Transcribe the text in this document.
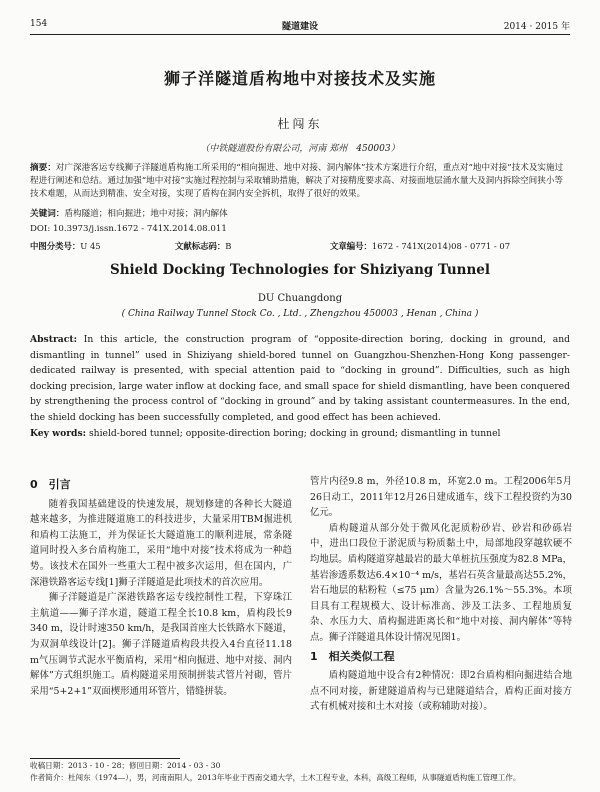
154	隧道建设	2014 · 2015 年
狮子洋隧道盾构地中对接技术及实施
杜闯东
（中铁隧道股份有限公司，河南 郑州　450003）
摘要：对广深港客运专线狮子洋隧道盾构施工所采用的“相向掘进、地中对接、洞内解体”技术方案进行介绍，重点对“地中对接”技术及实施过程进行阐述和总结。通过加强“地中对接”实施过程控制与采取辅助措施，解决了对接精度要求高、对接面地层涌水量大及洞内拆除空间狭小等技术难题，从而达到精准、安全对接，实现了盾构在洞内安全拆机，取得了很好的效果。
关键词：盾构隧道；相向掘进；地中对接；洞内解体
DOI: 10.3973/j.issn.1672 - 741X.2014.08.011
中图分类号：U 45	文献标志码：B	文章编号：1672 - 741X(2014)08 - 0771 - 07
Shield Docking Technologies for Shiziyang Tunnel
DU Chuangdong
( China Railway Tunnel Stock Co. , Ltd. , Zhengzhou 450003 , Henan , China )
Abstract: In this article, the construction program of “opposite-direction boring, docking in ground, and dismantling in tunnel” used in Shiziyang shield-bored tunnel on Guangzhou-Shenzhen-Hong Kong passenger-dedicated railway is presented, with special attention paid to “docking in ground”. Difficulties, such as high docking precision, large water inflow at docking face, and small space for shield dismantling, have been conquered by strengthening the process control of “docking in ground” and by taking assistant countermeasures. In the end, the shield docking has been successfully completed, and good effect has been achieved.
Key words: shield-bored tunnel; opposite-direction boring; docking in ground; dismantling in tunnel
0　引言

随着我国基础建设的快速发展，规划修建的各种长大隧道越来越多，为推进隧道施工的科技进步，大量采用TBM掘进机和盾构工法施工，并为保证长大隧道施工的顺利进展，常条隧道同时投入多台盾构施工，采用“地中对接”技术将成为一种趋势。该技术在国外一些重大工程中被多次运用，但在国内，广深港铁路客运专线[1]狮子洋隧道是此项技术的首次应用。

狮子洋隧道是广深港铁路客运专线控制性工程，下穿珠江主航道——狮子洋水道，隧道工程全长10.8 km，盾构段长9 340 m，设计时速350 km/h，是我国首座大长铁路水下隧道，为双洞单线设计[2]。狮子洋隧道盾构段共投入4台直径11.18 m气压调节式泥水平衡盾构，采用“相向掘进、地中对接、洞内解体”方式组织施工。盾构隧道采用预制拼装式管片衬砌，管片采用“5+2+1”双面楔形通用环管片，错缝拼装。

管片内径9.8 m，外径10.8 m，环宽2.0 m。工程2006年5月26日动工，2011年12月26日建成通车，线下工程投资约为30亿元。

盾构隧道从部分处于微风化泥质粉砂岩、砂岩和砂砾岩中，进出口段位于淤泥质与粉质黏土中，局部地段穿越软硬不均地层。盾构隧道穿越最岩的最大单桩抗压强度为82.8 MPa，基岩渗透系数达6.4×10⁻⁴ m/s，基岩石英含量最高达55.2%，岩石地层的粘粉粒（≤75 μm）含量为26.1%～55.3%。本项目具有工程规模大、设计标准高、涉及工法多、工程地质复杂、水压力大、盾构掘进距离长和“地中对接、洞内解体”等特点。狮子洋隧道具体设计情况见图1。

1　相关类似工程

盾构隧道地中设合有2种情况：即2台盾构相向掘进结合地点不同对接，新建隧道盾构与已建隧道结合，盾构正面对接方式有机械对接和土木对接（或称辅助对接）。

收稿日期：2013 - 10 - 28；修回日期：2014 - 03 - 30
作者简介：杜闯东（1974—），男，河南南阳人，2013年毕业于西南交通大学，土木工程专业，本科，高级工程师，从事隧道盾构施工管理工作。
